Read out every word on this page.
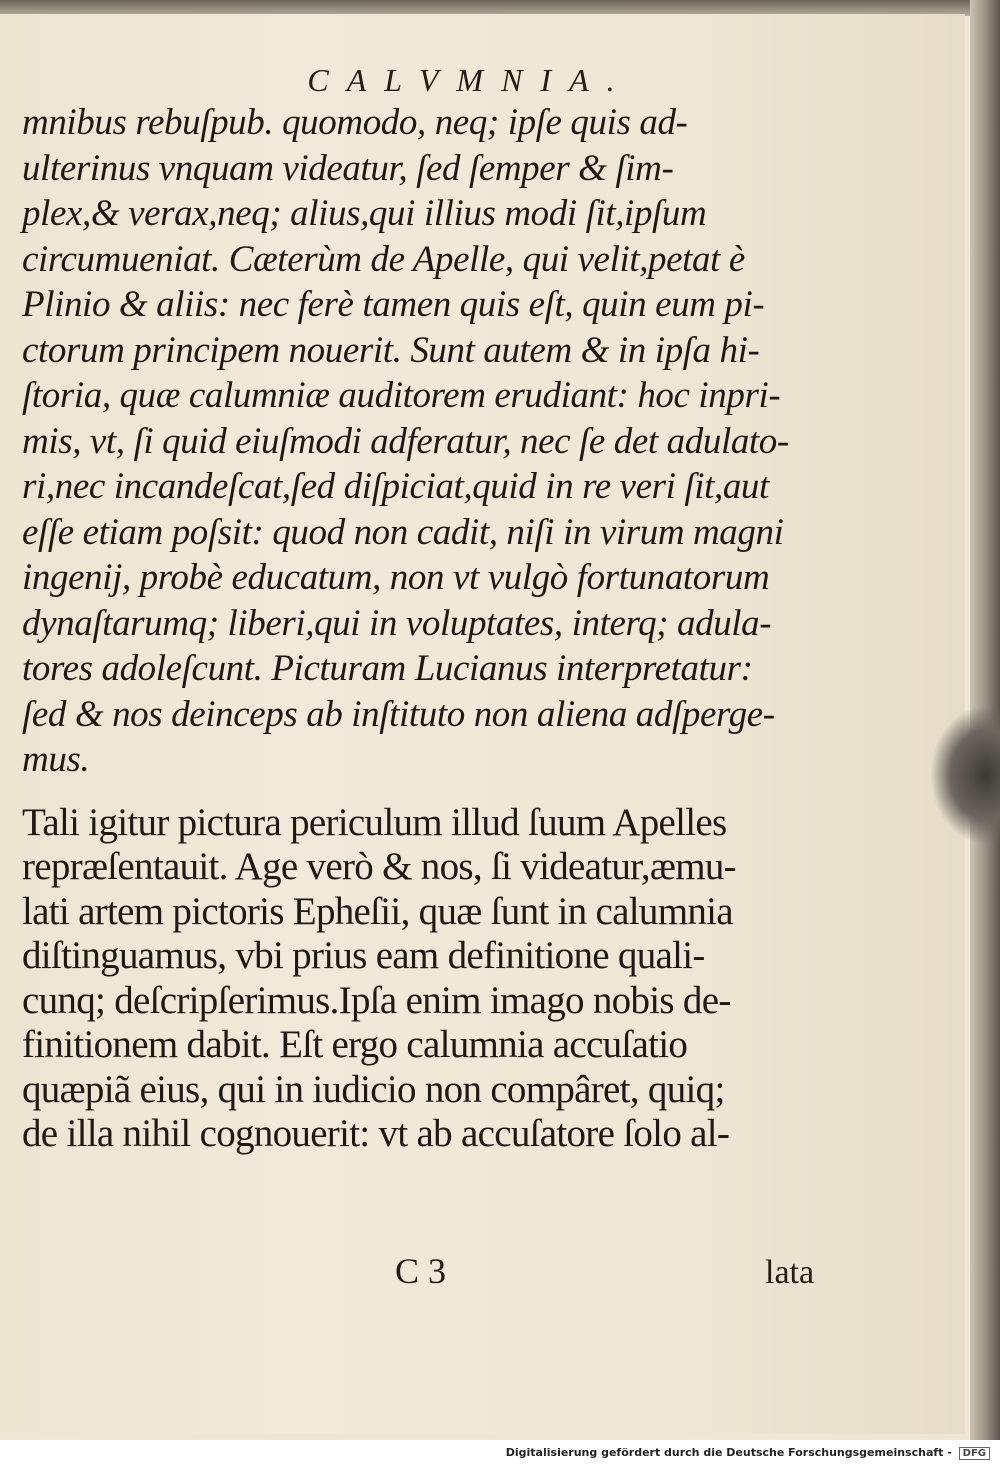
CALVMNIA.
mnibus rebuſpub. quomodo, neq; ipſe quis ad-
ulterinus vnquam videatur, ſed ſemper & ſim-
plex,& verax,neq; alius,qui illius modi ſit,ipſum
circumueniat. Cæterùm de Apelle, qui velit,petat è
Plinio & aliis: nec ferè tamen quis eſt, quin eum pi-
ctorum principem nouerit. Sunt autem & in ipſa hi-
ſtoria, quæ calumniæ auditorem erudiant: hoc inpri-
mis, vt, ſi quid eiuſmodi adferatur, nec ſe det adulato-
ri,nec incandeſcat,ſed diſpiciat,quid in re veri ſit,aut
eſſe etiam poſsit: quod non cadit, niſi in virum magni
ingenij, probè educatum, non vt vulgò fortunatorum
dynaſtarumq; liberi,qui in voluptates, interq; adula-
tores adoleſcunt. Picturam Lucianus interpretatur:
ſed & nos deinceps ab inſtituto non aliena adſperge-
mus.
Tali igitur pictura periculum illud ſuum Apelles
repræſentauit. Age verò & nos, ſi videatur,æmu-
lati artem pictoris Epheſii, quæ ſunt in calumnia
diſtinguamus, vbi prius eam definitione quali-
cunq; deſcripſerimus.Ipſa enim imago nobis de-
finitionem dabit. Eſt ergo calumnia accuſatio
quæpiã eius, qui in iudicio non compâret, quiq;
de illa nihil cognouerit: vt ab accuſatore ſolo al-
C 3	lata
Digitalisierung gefördert durch die Deutsche Forschungsgemeinschaft - DFG
